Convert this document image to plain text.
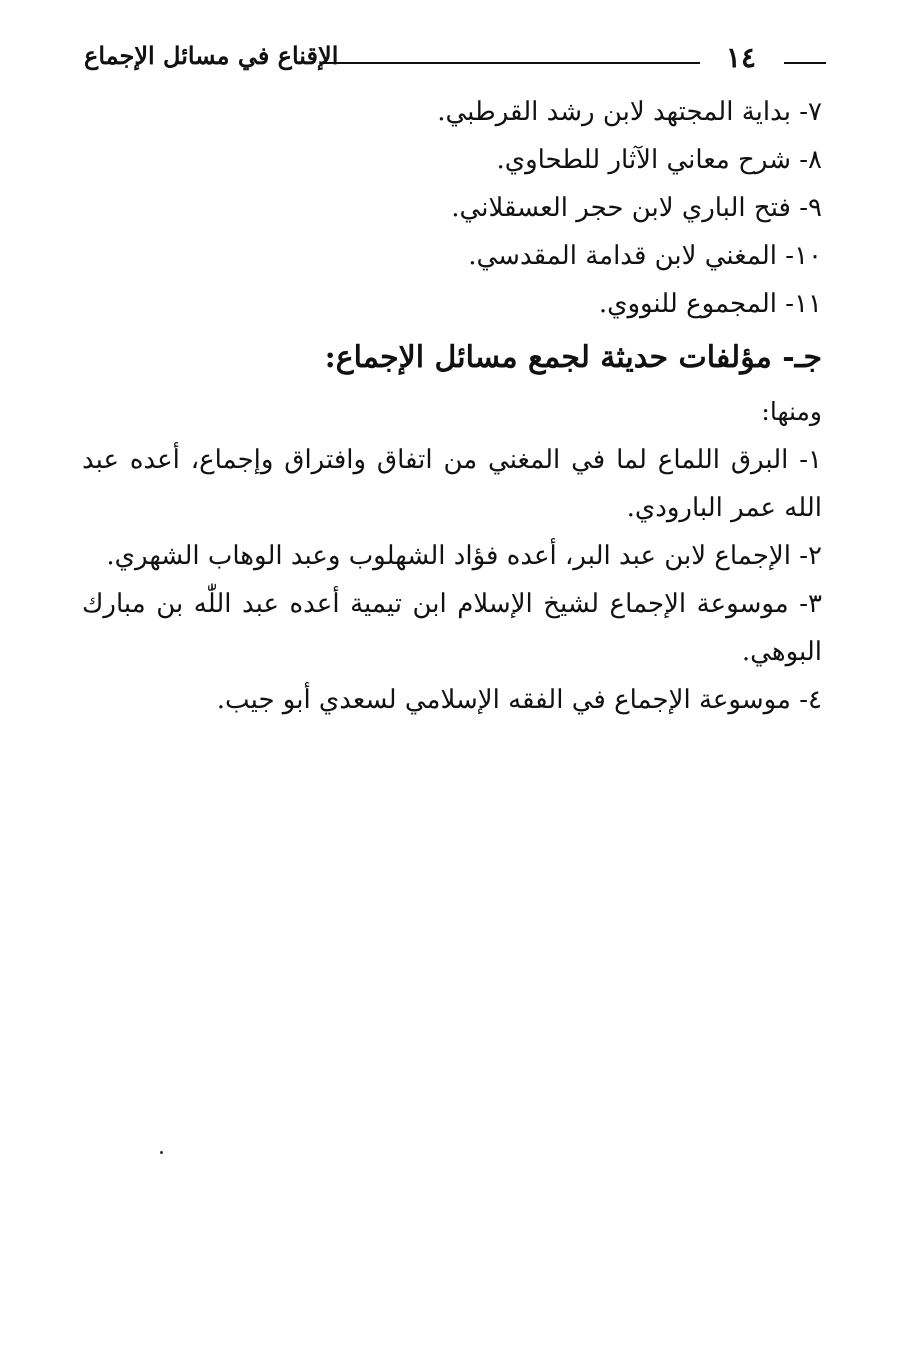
١٤
الإقناع في مسائل الإجماع
٧- بداية المجتهد لابن رشد القرطبي.
٨- شرح معاني الآثار للطحاوي.
٩- فتح الباري لابن حجر العسقلاني.
١٠- المغني لابن قدامة المقدسي.
١١- المجموع للنووي.
جـ- مؤلفات حديثة لجمع مسائل الإجماع:
ومنها:
١- البرق اللماع لما في المغني من اتفاق وافتراق وإجماع، أعده عبد الله عمر البارودي.
٢- الإجماع لابن عبد البر، أعده فؤاد الشهلوب وعبد الوهاب الشهري.
٣- موسوعة الإجماع لشيخ الإسلام ابن تيمية أعده عبد اللّٰه بن مبارك البوهي.
٤- موسوعة الإجماع في الفقه الإسلامي لسعدي أبو جيب.
